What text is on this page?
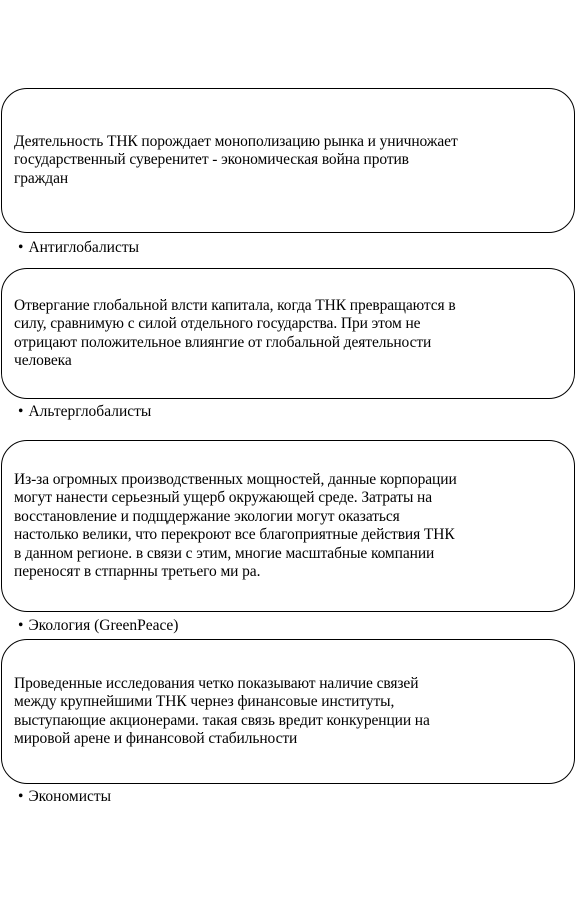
Деятельность ТНК порождает монополизацию рынка и уничножает
государственный суверенитет - экономическая война против
граждан
• Антиглобалисты
Отвергание глобальной влсти капитала, когда ТНК превращаются в
силу, сравнимую с силой отдельного государства. При этом не
отрицают положительное влиянгие от глобальной деятельности
человека
• Альтерглобалисты
Из-за огромных производственных мощностей, данные корпорации
могут нанести серьезный ущерб окружающей среде. Затраты на
восстановление и подщдержание экологии могут оказаться
настолько велики, что перекроют все благоприятные действия ТНК
в данном регионе. в связи с этим, многие масштабные компании
переносят в стпарнны третьего ми ра.
• Экология (GreenPeace)
Проведенные исследования четко показывают наличие связей
между крупнейшими ТНК чернез финансовые институты,
выступающие акционерами. такая связь вредит конкуренции на
мировой арене и финансовой стабильности
• Экономисты
